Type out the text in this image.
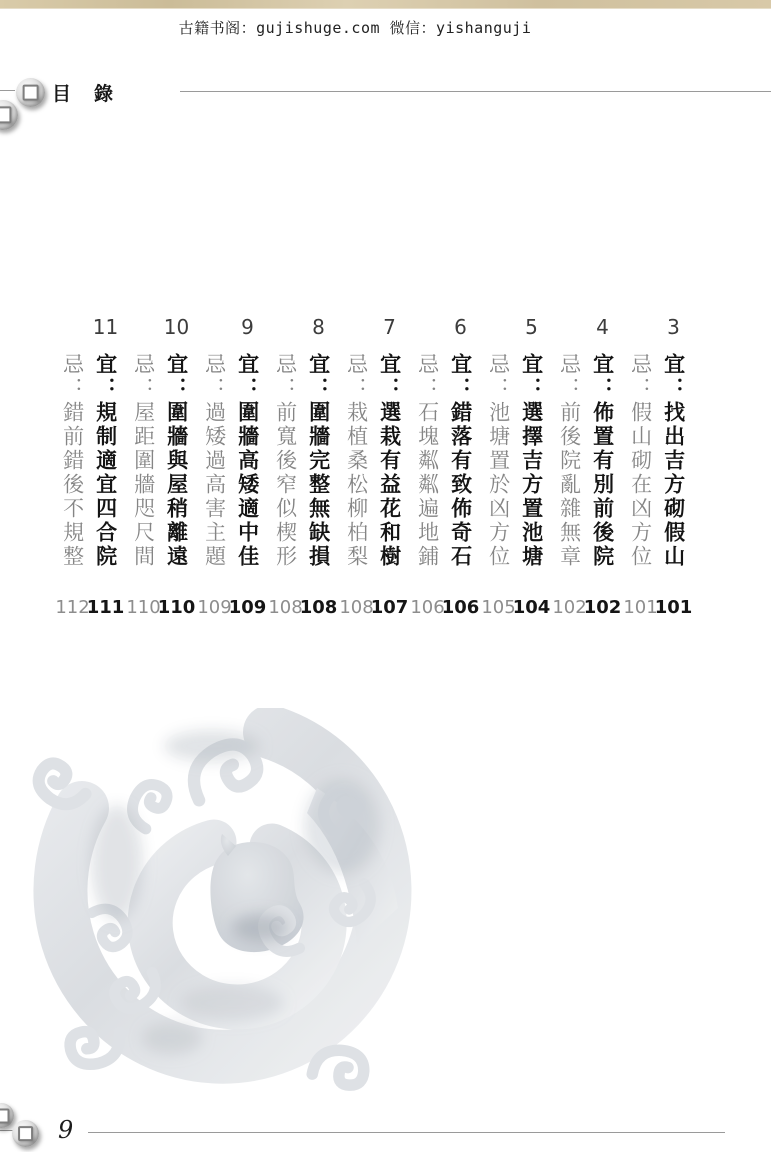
古籍书阁：gujishuge.com 微信：yishanguji
目　錄
忌：假山砌在凶方位
101
3
宜：找出吉方砌假山
101
忌：前後院亂雜無章
102
4
宜：佈置有別前後院
102
忌：池塘置於凶方位
105
5
宜：選擇吉方置池塘
104
忌：石塊粼粼遍地鋪
106
6
宜：錯落有致佈奇石
106
忌：栽植桑松柳柏梨
108
7
宜：選栽有益花和樹
107
忌：前寬後窄似楔形
108
8
宜：圍牆完整無缺損
108
忌：過矮過高害主題
109
9
宜：圍牆高矮適中佳
109
忌：屋距圍牆咫尺間
110
10
宜：圍牆與屋稍離遠
110
忌：錯前錯後不規整
112
11
宜：規制適宜四合院
111
9
